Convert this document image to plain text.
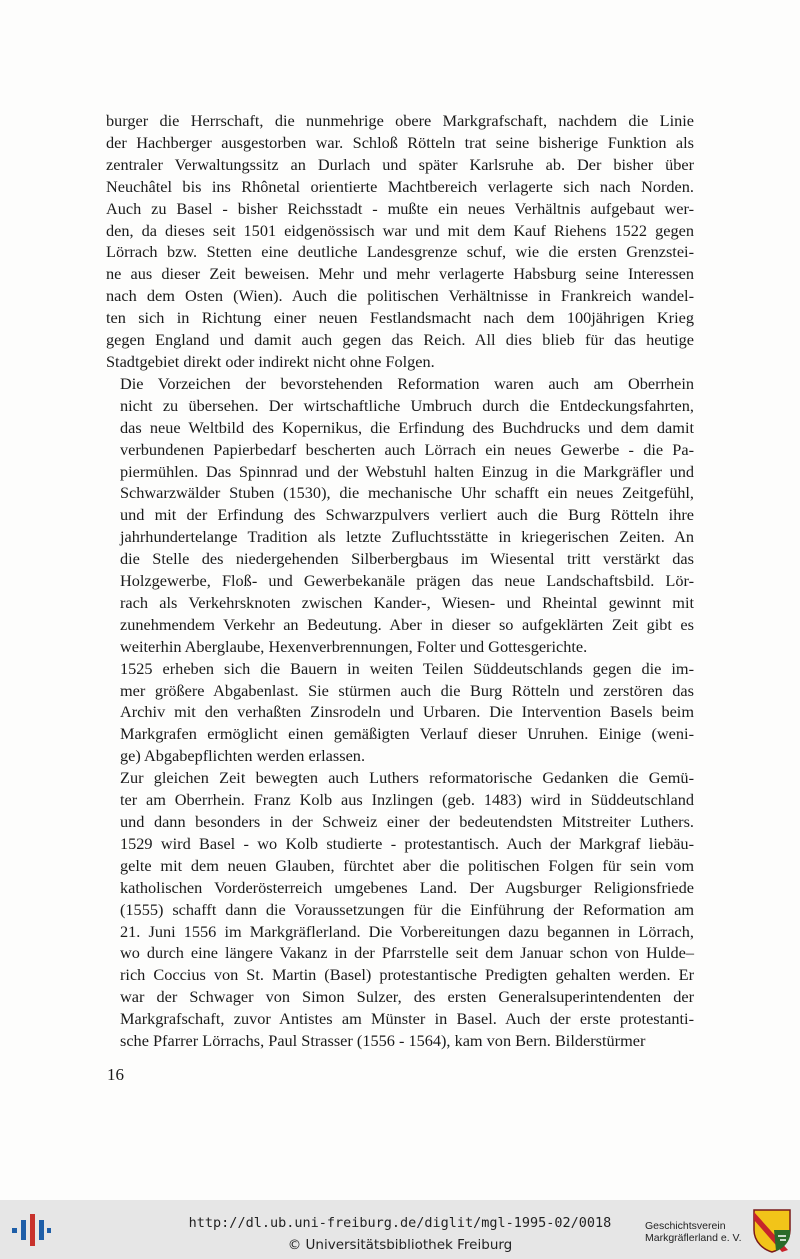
burger die Herrschaft, die nunmehrige obere Markgrafschaft, nachdem die Linie
der Hachberger ausgestorben war. Schloß Rötteln trat seine bisherige Funktion als
zentraler Verwaltungssitz an Durlach und später Karlsruhe ab. Der bisher über
Neuchâtel bis ins Rhônetal orientierte Machtbereich verlagerte sich nach Norden.
Auch zu Basel - bisher Reichsstadt - mußte ein neues Verhältnis aufgebaut wer-
den, da dieses seit 1501 eidgenössisch war und mit dem Kauf Riehens 1522 gegen
Lörrach bzw. Stetten eine deutliche Landesgrenze schuf, wie die ersten Grenzstei-
ne aus dieser Zeit beweisen. Mehr und mehr verlagerte Habsburg seine Interessen
nach dem Osten (Wien). Auch die politischen Verhältnisse in Frankreich wandel-
ten sich in Richtung einer neuen Festlandsmacht nach dem 100jährigen Krieg
gegen England und damit auch gegen das Reich. All dies blieb für das heutige
Stadtgebiet direkt oder indirekt nicht ohne Folgen.

Die Vorzeichen der bevorstehenden Reformation waren auch am Oberrhein
nicht zu übersehen. Der wirtschaftliche Umbruch durch die Entdeckungsfahrten,
das neue Weltbild des Kopernikus, die Erfindung des Buchdrucks und dem damit
verbundenen Papierbedarf bescherten auch Lörrach ein neues Gewerbe - die Pa-
piermühlen. Das Spinnrad und der Webstuhl halten Einzug in die Markgräfler und
Schwarzwälder Stuben (1530), die mechanische Uhr schafft ein neues Zeitgefühl,
und mit der Erfindung des Schwarzpulvers verliert auch die Burg Rötteln ihre
jahrhundertelange Tradition als letzte Zufluchtsstätte in kriegerischen Zeiten. An
die Stelle des niedergehenden Silberbergbaus im Wiesental tritt verstärkt das
Holzgewerbe, Floß- und Gewerbekanäle prägen das neue Landschaftsbild. Lör-
rach als Verkehrsknoten zwischen Kander-, Wiesen- und Rheintal gewinnt mit
zunehmendem Verkehr an Bedeutung. Aber in dieser so aufgeklärten Zeit gibt es
weiterhin Aberglaube, Hexenverbrennungen, Folter und Gottesgerichte.

1525 erheben sich die Bauern in weiten Teilen Süddeutschlands gegen die im-
mer größere Abgabenlast. Sie stürmen auch die Burg Rötteln und zerstören das
Archiv mit den verhaßten Zinsrodeln und Urbaren. Die Intervention Basels beim
Markgrafen ermöglicht einen gemäßigten Verlauf dieser Unruhen. Einige (weni-
ge) Abgabepflichten werden erlassen.

Zur gleichen Zeit bewegten auch Luthers reformatorische Gedanken die Gemü-
ter am Oberrhein. Franz Kolb aus Inzlingen (geb. 1483) wird in Süddeutschland
und dann besonders in der Schweiz einer der bedeutendsten Mitstreiter Luthers.
1529 wird Basel - wo Kolb studierte - protestantisch. Auch der Markgraf liebäu-
gelte mit dem neuen Glauben, fürchtet aber die politischen Folgen für sein vom
katholischen Vorderösterreich umgebenes Land. Der Augsburger Religionsfriede
(1555) schafft dann die Voraussetzungen für die Einführung der Reformation am
21. Juni 1556 im Markgräflerland. Die Vorbereitungen dazu begannen in Lörrach,
wo durch eine längere Vakanz in der Pfarrstelle seit dem Januar schon von Hulde–
rich Coccius von St. Martin (Basel) protestantische Predigten gehalten werden. Er
war der Schwager von Simon Sulzer, des ersten Generalsuperintendenten der
Markgrafschaft, zuvor Antistes am Münster in Basel. Auch der erste protestanti-
sche Pfarrer Lörrachs, Paul Strasser (1556 - 1564), kam von Bern. Bilderstürmer

16
http://dl.ub.uni-freiburg.de/diglit/mgl-1995-02/0018
© Universitätsbibliothek Freiburg
Geschichtsverein
Markgräflerland e. V.
